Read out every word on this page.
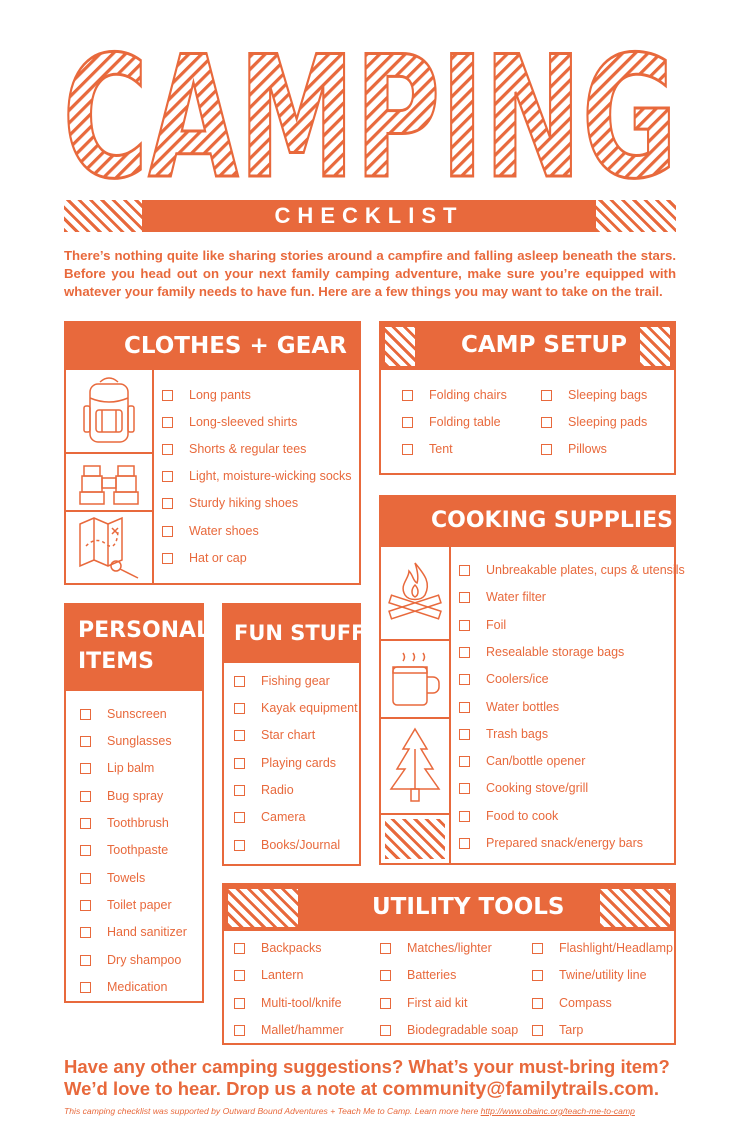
CAMPING
CHECKLIST
There’s nothing quite like sharing stories around a campfire and falling asleep beneath the stars. Before you head out on your next family camping adventure, make sure you’re equipped with whatever your family needs to have fun. Here are a few things you may want to take on the trail.
CLOTHES + GEAR
Long pants
Long-sleeved shirts
Shorts & regular tees
Light, moisture-wicking socks
Sturdy hiking shoes
Water shoes
Hat or cap
CAMP SETUP
Folding chairs
Folding table
Tent
Sleeping bags
Sleeping pads
Pillows
COOKING SUPPLIES
Unbreakable plates, cups & utensils
Water filter
Foil
Resealable storage bags
Coolers/ice
Water bottles
Trash bags
Can/bottle opener
Cooking stove/grill
Food to cook
Prepared snack/energy bars
PERSONAL
ITEMS
Sunscreen
Sunglasses
Lip balm
Bug spray
Toothbrush
Toothpaste
Towels
Toilet paper
Hand sanitizer
Dry shampoo
Medication
FUN STUFF
Fishing gear
Kayak equipment
Star chart
Playing cards
Radio
Camera
Books/Journal
UTILITY TOOLS
Backpacks
Lantern
Multi-tool/knife
Mallet/hammer
Matches/lighter
Batteries
First aid kit
Biodegradable soap
Flashlight/Headlamp
Twine/utility line
Compass
Tarp
Have any other camping suggestions? What’s your must-bring item?
We’d love to hear. Drop us a note at community@familytrails.com.
This camping checklist was supported by Outward Bound Adventures + Teach Me to Camp. Learn more here http://www.obainc.org/teach-me-to-camp
